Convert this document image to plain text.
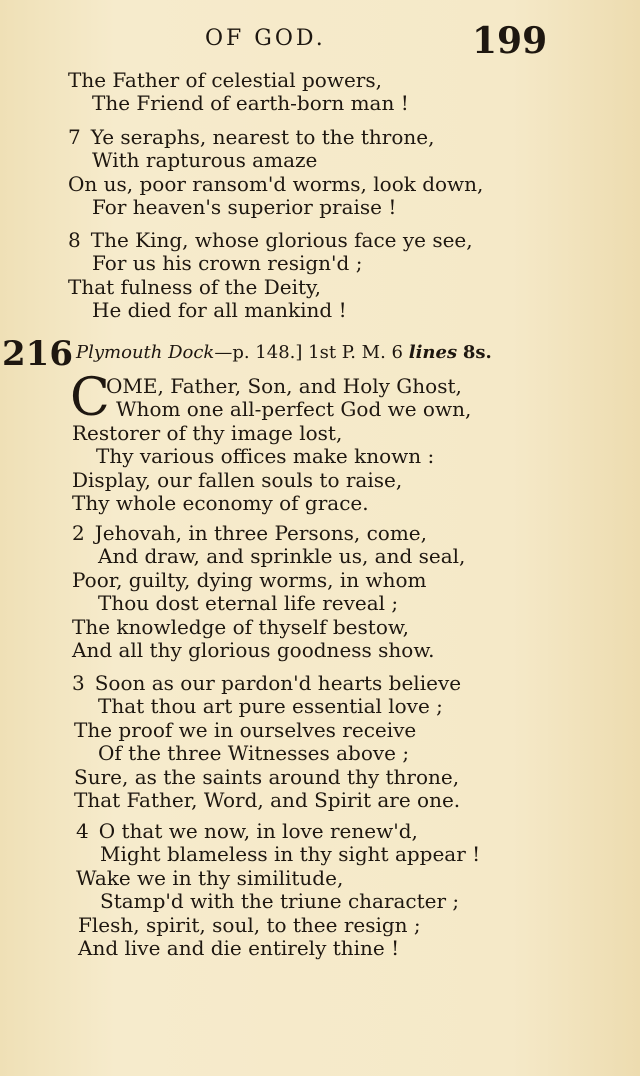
OF GOD.	199
The Father of celestial powers,
The Friend of earth-born man !
7 Ye seraphs, nearest to the throne,
With rapturous amaze
On us, poor ransom'd worms, look down,
For heaven's superior praise !
8 The King, whose glorious face ye see,
For us his crown resign'd ;
That fulness of the Deity,
He died for all mankind !
216 Plymouth Dock—p. 148.] 1st P. M. 6 lines 8s.
C
OME, Father, Son, and Holy Ghost,
Whom one all-perfect God we own,
Restorer of thy image lost,
Thy various offices make known :
Display, our fallen souls to raise,
Thy whole economy of grace.
2 Jehovah, in three Persons, come,
And draw, and sprinkle us, and seal,
Poor, guilty, dying worms, in whom
Thou dost eternal life reveal ;
The knowledge of thyself bestow,
And all thy glorious goodness show.
3 Soon as our pardon'd hearts believe
That thou art pure essential love ;
The proof we in ourselves receive
Of the three Witnesses above ;
Sure, as the saints around thy throne,
That Father, Word, and Spirit are one.
4 O that we now, in love renew'd,
Might blameless in thy sight appear !
Wake we in thy similitude,
Stamp'd with the triune character ;
Flesh, spirit, soul, to thee resign ;
And live and die entirely thine !
